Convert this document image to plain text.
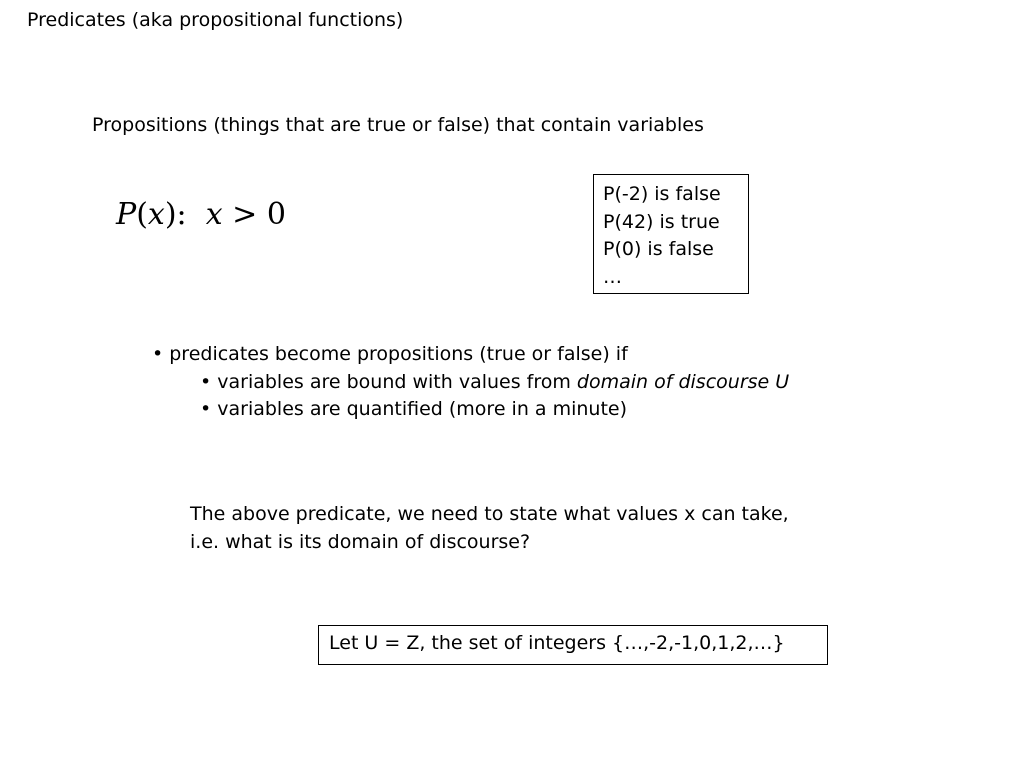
Predicates (aka propositional functions)
Propositions (things that are true or false) that contain variables
P(x): x > 0
P(-2) is false
P(42) is true
P(0) is false
…
• predicates become propositions (true or false) if
• variables are bound with values from domain of discourse U
• variables are quantified (more in a minute)
The above predicate, we need to state what values x can take,
i.e. what is its domain of discourse?
Let U = Z, the set of integers {…,-2,-1,0,1,2,…}
